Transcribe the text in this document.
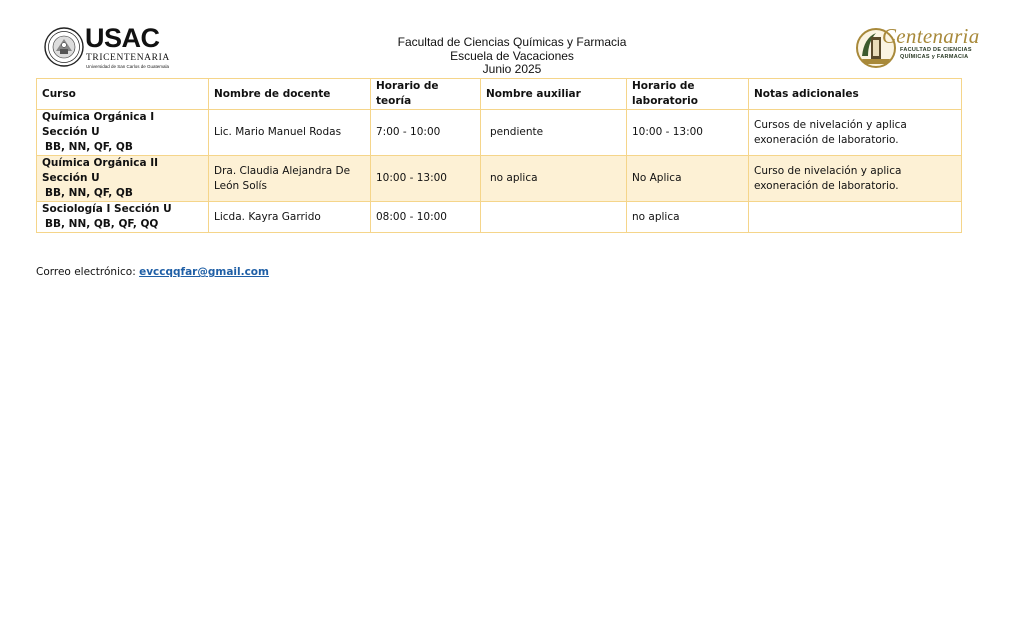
USAC
TRICENTENARIA
Universidad de San Carlos de Guatemala
Facultad de Ciencias Químicas y Farmacia
Escuela de Vacaciones
Junio 2025
Centenaria
FACULTAD DE CIENCIAS
QUÍMICAS y FARMACIA
Curso	Nombre de docente	Horario de teoría	Nombre auxiliar	Horario de laboratorio	Notas adicionales

Química Orgánica I Sección U
BB, NN, QF, QB	Lic. Mario Manuel Rodas	7:00 - 10:00	pendiente	10:00 - 13:00	Cursos de nivelación y aplica exoneración de laboratorio.

Química Orgánica II Sección U
BB, NN, QF, QB	Dra. Claudia Alejandra De León Solís	10:00 - 13:00	no aplica	No Aplica	Curso de nivelación y aplica exoneración de laboratorio.

Sociología I Sección U
BB, NN, QB, QF, QQ	Licda. Kayra Garrido	08:00 - 10:00		no aplica	
Correo electrónico: evccqqfar@gmail.com
